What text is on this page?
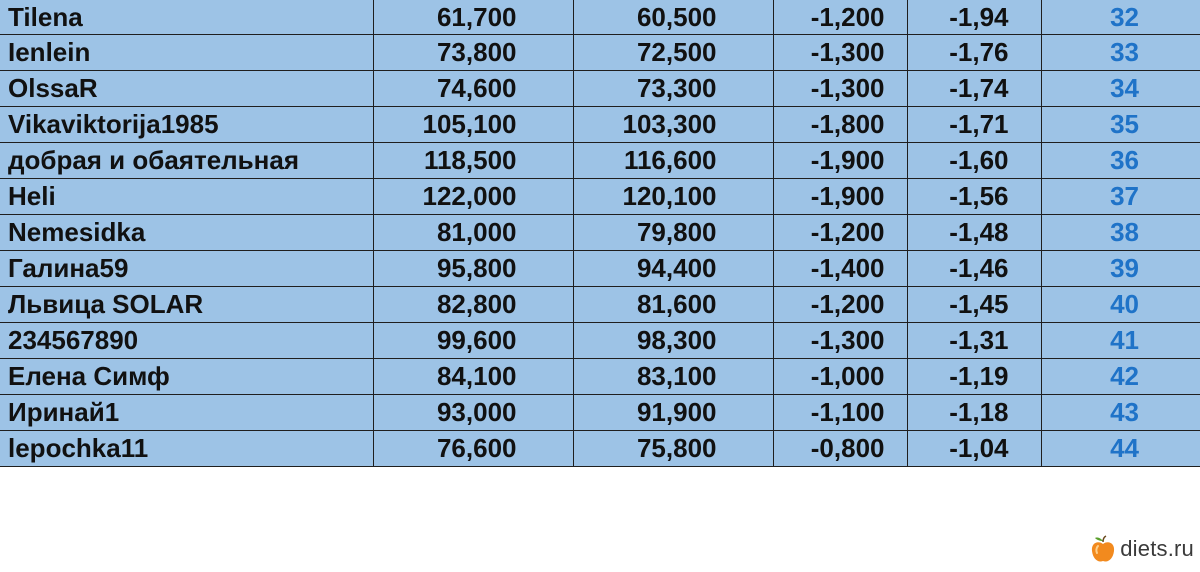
Tilena	61,700	60,500	-1,200	-1,94	32
Ienlein	73,800	72,500	-1,300	-1,76	33
OlssaR	74,600	73,300	-1,300	-1,74	34
Vikaviktorija1985	105,100	103,300	-1,800	-1,71	35
добрая и обаятельная	118,500	116,600	-1,900	-1,60	36
Heli	122,000	120,100	-1,900	-1,56	37
Nemesidka	81,000	79,800	-1,200	-1,48	38
Галина59	95,800	94,400	-1,400	-1,46	39
Львица SOLAR	82,800	81,600	-1,200	-1,45	40
234567890	99,600	98,300	-1,300	-1,31	41
Елена Симф	84,100	83,100	-1,000	-1,19	42
Иринай1	93,000	91,900	-1,100	-1,18	43
lepochka11	76,600	75,800	-0,800	-1,04	44
diets.ru
